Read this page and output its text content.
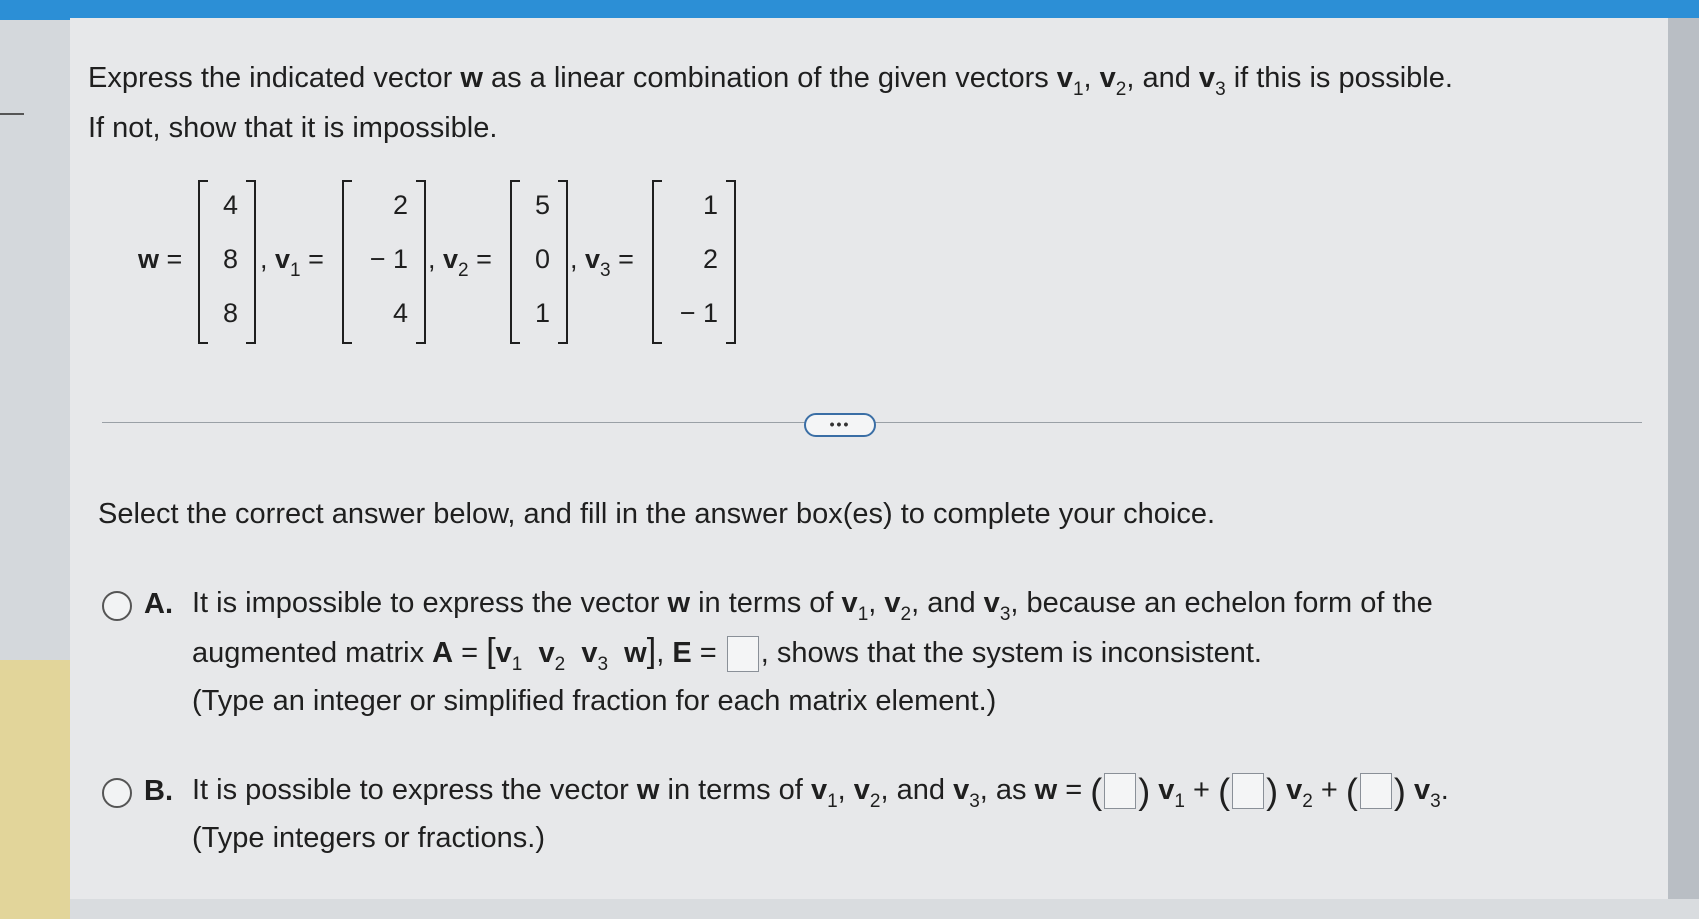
Express the indicated vector w as a linear combination of the given vectors $v_1$, $v_2$, and $v_3$ if this is possible.
If not, show that it is impossible.
w =
4
8
8
, $v_1$ =
2
− 1
4
, $v_2$ =
5
0
1
, $v_3$ =
1
2
− 1
•••
Select the correct answer below, and fill in the answer box(es) to complete your choice.
A. It is impossible to express the vector w in terms of $v_1$, $v_2$, and $v_3$, because an echelon form of the
augmented matrix $A = [v_1$ $v_2$ $v_3$ w], E = , shows that the system is inconsistent.
(Type an integer or simplified fraction for each matrix element.)
B. It is possible to express the vector w in terms of $v_1$, $v_2$, and $v_3$, as w = ( ) $v_1$ + ( ) $v_2$ + ( ) $v_3$.
(Type integers or fractions.)
